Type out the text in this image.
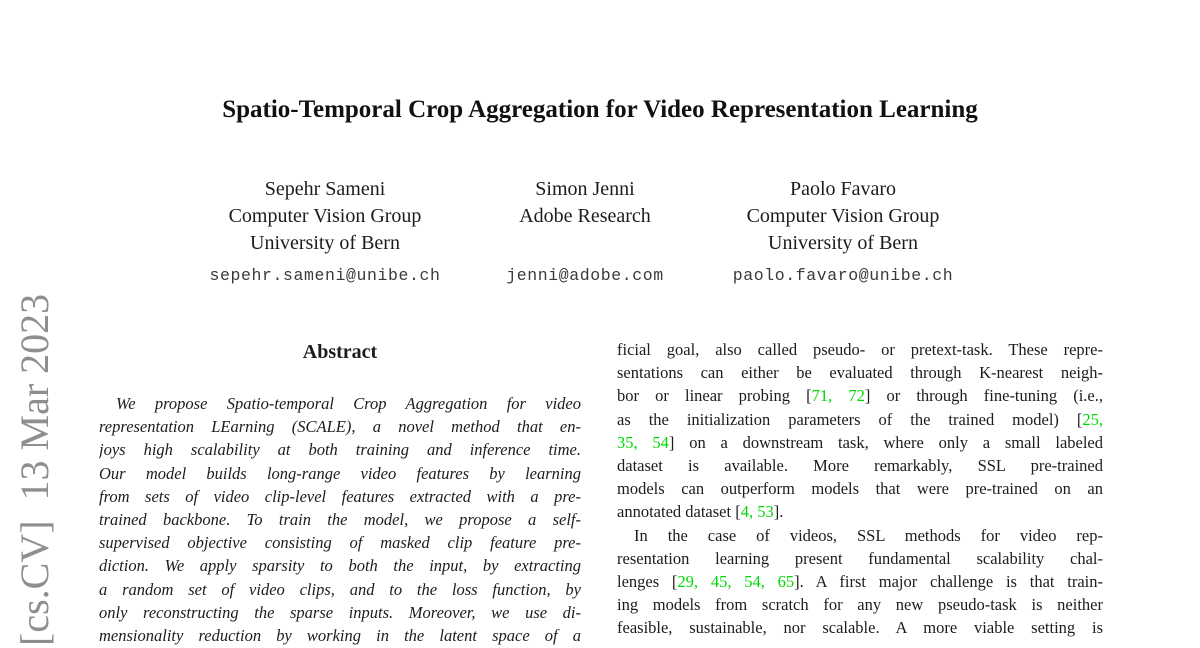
[cs.CV]  13 Mar 2023
Spatio-Temporal Crop Aggregation for Video Representation Learning
Sepehr Sameni
Computer Vision Group
University of Bern
sepehr.sameni@unibe.ch
Simon Jenni
Adobe Research
jenni@adobe.com
Paolo Favaro
Computer Vision Group
University of Bern
paolo.favaro@unibe.ch
Abstract
We propose Spatio-temporal Crop Aggregation for video
representation LEarning (SCALE), a novel method that en-
joys high scalability at both training and inference time.
Our model builds long-range video features by learning
from sets of video clip-level features extracted with a pre-
trained backbone. To train the model, we propose a self-
supervised objective consisting of masked clip feature pre-
diction. We apply sparsity to both the input, by extracting
a random set of video clips, and to the loss function, by
only reconstructing the sparse inputs. Moreover, we use di-
mensionality reduction by working in the latent space of a
ficial goal, also called pseudo- or pretext-task. These repre-
sentations can either be evaluated through K-nearest neigh-
bor or linear probing [71, 72] or through fine-tuning (i.e.,
as the initialization parameters of the trained model) [25,
35, 54] on a downstream task, where only a small labeled
dataset is available. More remarkably, SSL pre-trained
models can outperform models that were pre-trained on an
annotated dataset [4, 53].
In the case of videos, SSL methods for video rep-
resentation learning present fundamental scalability chal-
lenges [29, 45, 54, 65]. A first major challenge is that train-
ing models from scratch for any new pseudo-task is neither
feasible, sustainable, nor scalable. A more viable setting is
